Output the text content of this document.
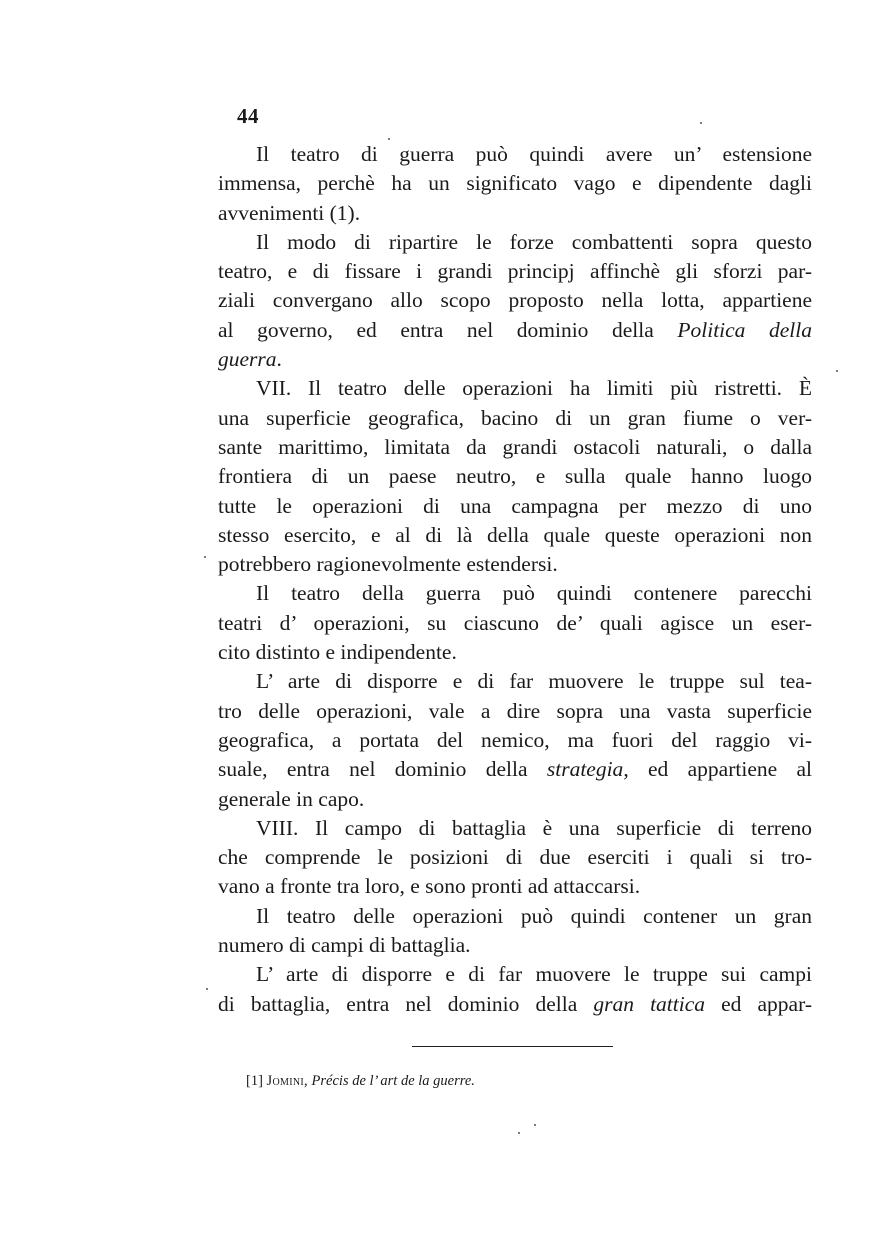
44
Il teatro di guerra può quindi avere un’ estensione
immensa, perchè ha un significato vago e dipendente dagli
avvenimenti (1).
Il modo di ripartire le forze combattenti sopra questo
teatro, e di fissare i grandi principj affinchè gli sforzi par-
ziali convergano allo scopo proposto nella lotta, appartiene
al governo, ed entra nel dominio della Politica della
guerra.
VII. Il teatro delle operazioni ha limiti più ristretti. È
una superficie geografica, bacino di un gran fiume o ver-
sante marittimo, limitata da grandi ostacoli naturali, o dalla
frontiera di un paese neutro, e sulla quale hanno luogo
tutte le operazioni di una campagna per mezzo di uno
stesso esercito, e al di là della quale queste operazioni non
potrebbero ragionevolmente estendersi.
Il teatro della guerra può quindi contenere parecchi
teatri d’ operazioni, su ciascuno de’ quali agisce un eser-
cito distinto e indipendente.
L’ arte di disporre e di far muovere le truppe sul tea-
tro delle operazioni, vale a dire sopra una vasta superficie
geografica, a portata del nemico, ma fuori del raggio vi-
suale, entra nel dominio della strategia, ed appartiene al
generale in capo.
VIII. Il campo di battaglia è una superficie di terreno
che comprende le posizioni di due eserciti i quali si tro-
vano a fronte tra loro, e sono pronti ad attaccarsi.
Il teatro delle operazioni può quindi contener un gran
numero di campi di battaglia.
L’ arte di disporre e di far muovere le truppe sui campi
di battaglia, entra nel dominio della gran tattica ed appar-
[1] Jomini, Précis de l’ art de la guerre.
